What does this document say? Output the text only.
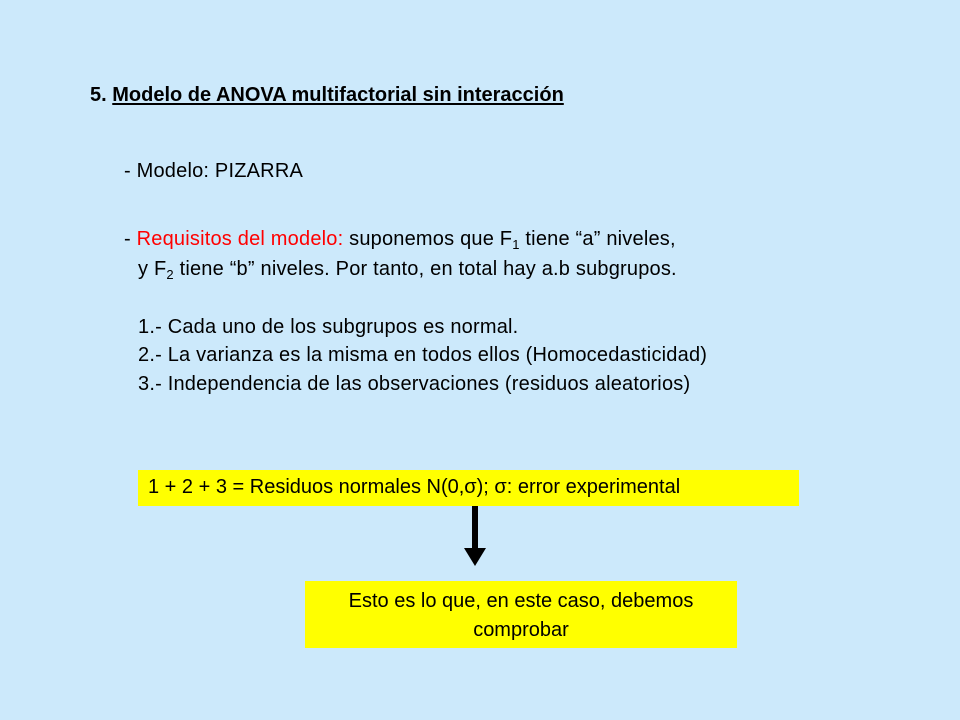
5. Modelo de ANOVA multifactorial sin interacción
- Modelo: PIZARRA
- Requisitos del modelo: suponemos que $F_1$ tiene “a” niveles,
y $F_2$ tiene “b” niveles. Por tanto, en total hay a.b subgrupos.
1.- Cada uno de los subgrupos es normal.
2.- La varianza es la misma en todos ellos (Homocedasticidad)
3.- Independencia de las observaciones (residuos aleatorios)
1 + 2 + 3 = Residuos normales N(0,σ); σ: error experimental
Esto es lo que, en este caso, debemos
comprobar
